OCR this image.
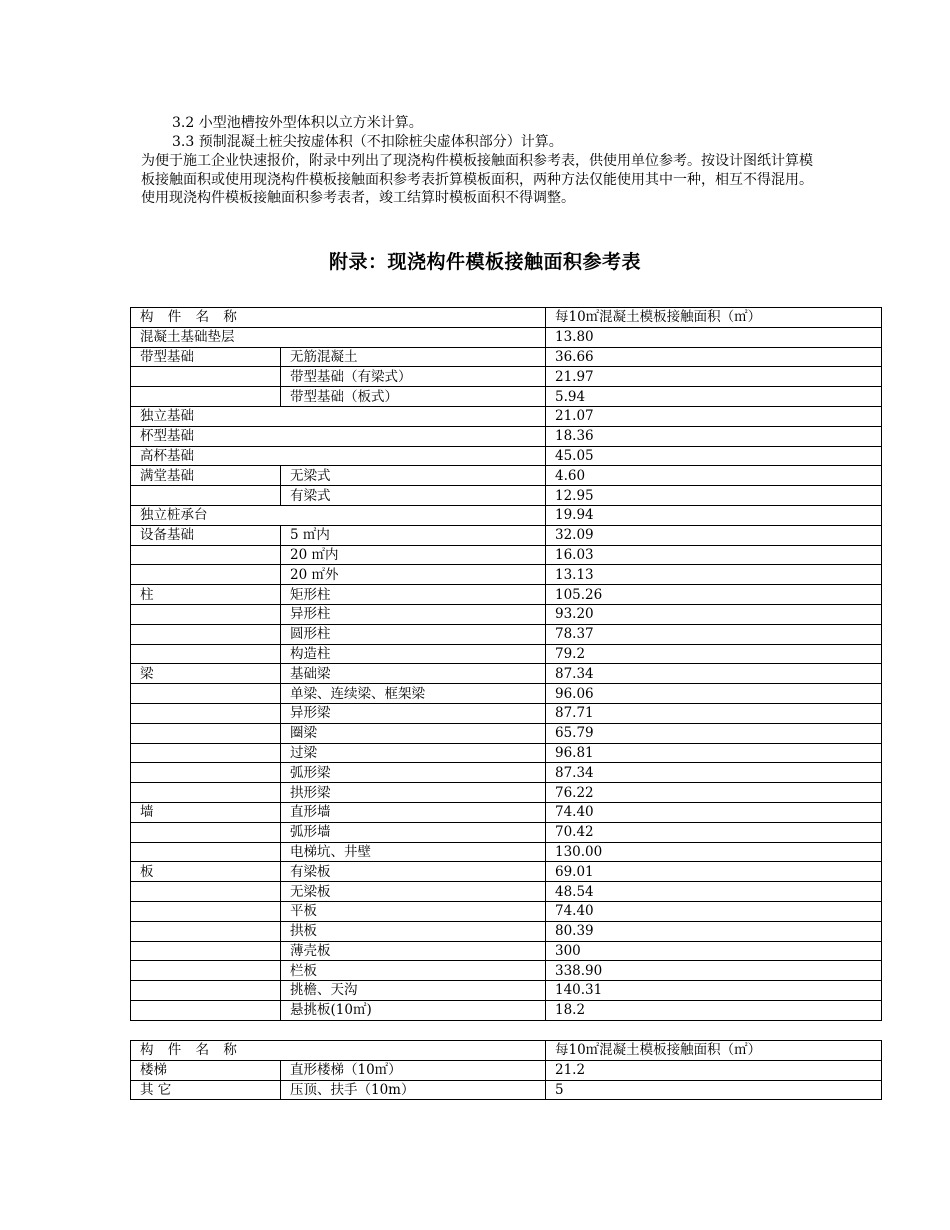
3.2 小型池槽按外型体积以立方米计算。
3.3 预制混凝土桩尖按虚体积（不扣除桩尖虚体积部分）计算。
为便于施工企业快速报价，附录中列出了现浇构件模板接触面积参考表，供使用单位参考。按设计图纸计算模板接触面积或使用现浇构件模板接触面积参考表折算模板面积，两种方法仅能使用其中一种，相互不得混用。使用现浇构件模板接触面积参考表者，竣工结算时模板面积不得调整。
附录：现浇构件模板接触面积参考表
构 件 名 称		每10㎡混凝土模板接触面积（㎡）
混凝土基础垫层		13.80
带型基础	无筋混凝土	36.66
	带型基础（有梁式）	21.97
	带型基础（板式）	5.94
独立基础		21.07
杯型基础		18.36
高杯基础		45.05
满堂基础	无梁式	4.60
	有梁式	12.95
独立桩承台		19.94
设备基础	5 ㎡内	32.09
	20 ㎡内	16.03
	20 ㎡外	13.13
柱	矩形柱	105.26
	异形柱	93.20
	圆形柱	78.37
	构造柱	79.2
梁	基础梁	87.34
	单梁、连续梁、框架梁	96.06
	异形梁	87.71
	圈梁	65.79
	过梁	96.81
	弧形梁	87.34
	拱形梁	76.22
墙	直形墙	74.40
	弧形墙	70.42
	电梯坑、井壁	130.00
板	有梁板	69.01
	无梁板	48.54
	平板	74.40
	拱板	80.39
	薄壳板	300
	栏板	338.90
	挑檐、天沟	140.31
	悬挑板(10㎡)	18.2
构 件 名 称		每10㎡混凝土模板接触面积（㎡）
楼梯	直形楼梯（10㎡）	21.2
其 它	压顶、扶手（10m）	5
